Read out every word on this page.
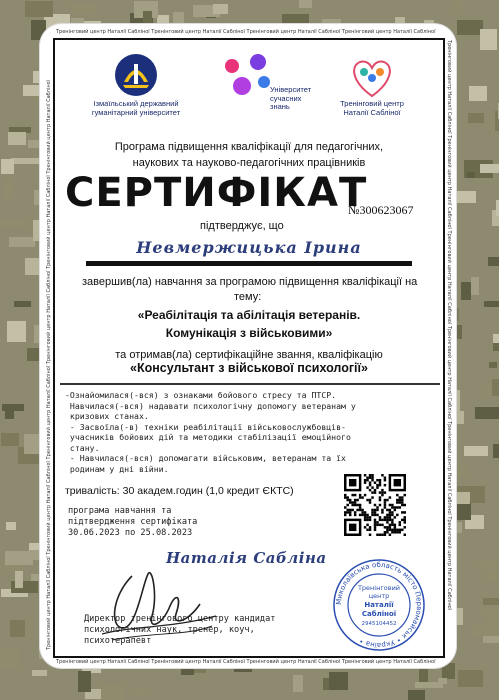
Тренінговий центр Наталії Сабліної Тренінговий центр Наталії Сабліної Тренінговий центр Наталії Сабліної Тренінговий центр Наталії Сабліної
Тренінговий центр Наталії Сабліної Тренінговий центр Наталії Сабліної Тренінговий центр Наталії Сабліної Тренінговий центр Наталії Сабліної
Тренінговий центр Наталії Сабліної Тренінговий центр Наталії Сабліної Тренінговий центр Наталії Сабліної Тренінговий центр Наталії Сабліної Тренінговий центр Наталії Сабліної Тренінговий центр Наталії Сабліної	Тренінговий центр Наталії Сабліної Тренінговий центр Наталії Сабліної Тренінговий центр Наталії Сабліної Тренінговий центр Наталії Сабліної Тренінговий центр Наталії Сабліної Тренінговий центр Наталії Сабліної
Ізмаїльський державний гуманітарний університет
Університет сучасних знань	Тренінговий центр Наталії Сабліної
Програма підвищення кваліфікації для педагогічних,
наукових та науково-педагогічних працівників
СЕРТИФІКАТ
№300623067
підтверджує, що
Невмержицька Ірина
завершив(ла) навчання за програмою підвищення кваліфікації на
тему:
«Реабілітація та абілітація ветеранів.
Комунікація з військовими»
та отримав(ла) сертифікаційне звання, кваліфікацію
«Консультант з військової психології»
-Ознайомилася(-вся) з ознаками бойового стресу та ПТСР.
Навчилася(-вся) надавати психологічну допомогу ветеранам у
кризових станах.
- Засвоїла(-в) техніки реабілітації військовослужбовців-
учасників бойових дій та методики стабілізації емоційного
стану.
- Навчилася(-вся) допомагати військовим, ветеранам та їх
родинам у дні війни.
тривалість: 30 академ.годин (1,0 кредит ЄКТС)
програма навчання та
підтвердження сертифіката
30.06.2023 по 25.08.2023
Наталія Сабліна
Директор тренінгового центру кандидат
психологічних наук, тренер, коуч,
психотерапевт
Миколаївська область місто Первомайськ • Україна •
Тренінговий
центр
Наталії
Сабліної
2945104452
